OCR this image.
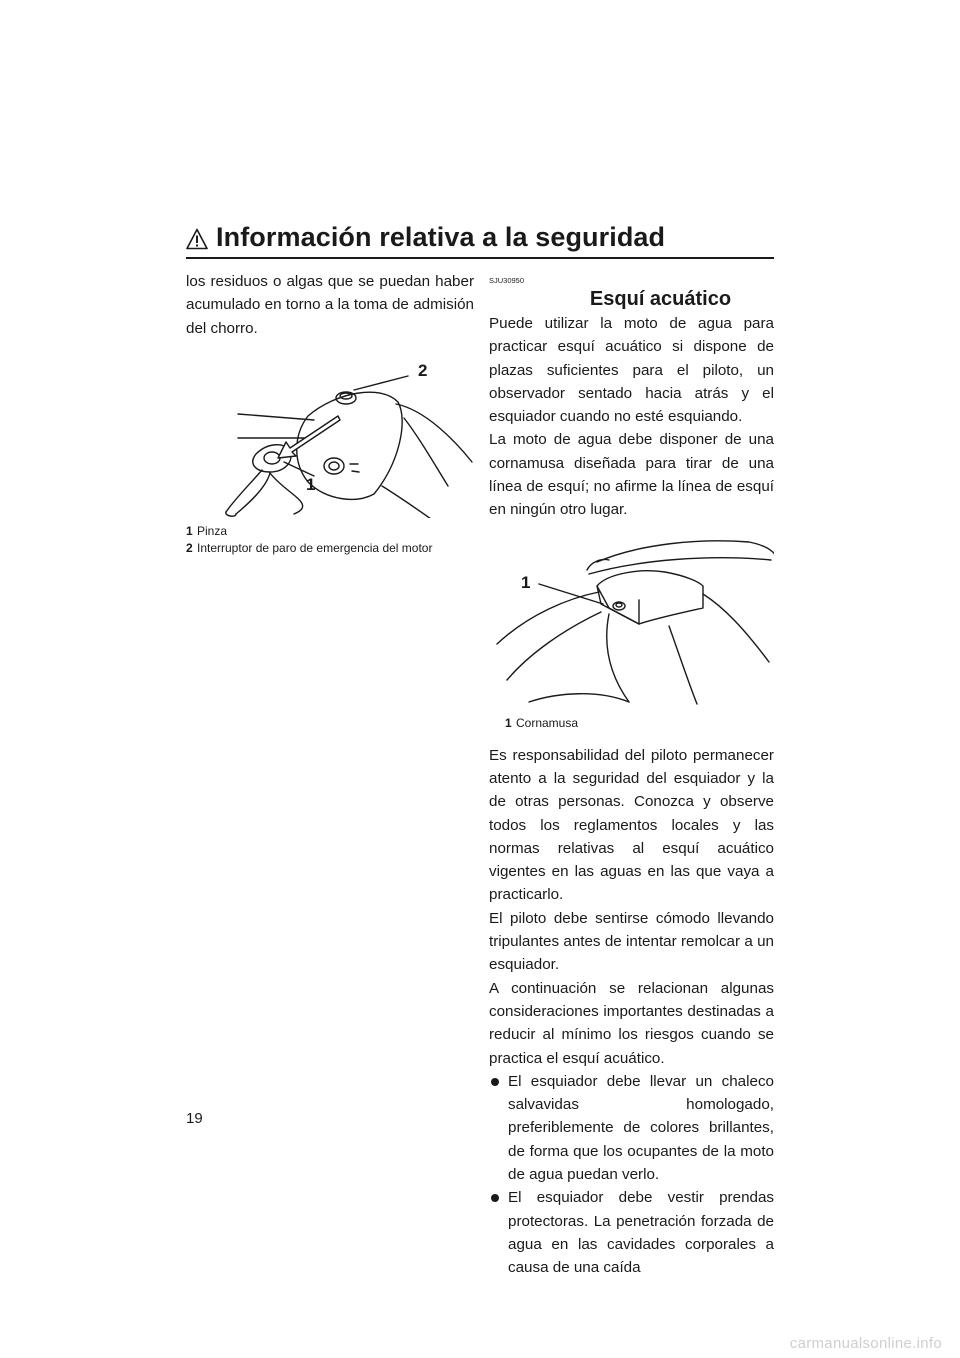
Información relativa a la seguridad

los residuos o algas que se puedan haber acumulado en torno a la toma de admisión del chorro.

2
1
1 Pinza
2 Interruptor de paro de emergencia del motor
SJU30950
Esquí acuático

Puede utilizar la moto de agua para practicar esquí acuático si dispone de plazas suficientes para el piloto, un observador sentado hacia atrás y el esquiador cuando no esté esquiando.

La moto de agua debe disponer de una cornamusa diseñada para tirar de una línea de esquí; no afirme la línea de esquí en ningún otro lugar.

1
1 Cornamusa

Es responsabilidad del piloto permanecer atento a la seguridad del esquiador y la de otras personas. Conozca y observe todos los reglamentos locales y las normas relativas al esquí acuático vigentes en las aguas en las que vaya a practicarlo.

El piloto debe sentirse cómodo llevando tripulantes antes de intentar remolcar a un esquiador.

A continuación se relacionan algunas consideraciones importantes destinadas a reducir al mínimo los riesgos cuando se practica el esquí acuático.

El esquiador debe llevar un chaleco salvavidas homologado, preferiblemente de colores brillantes, de forma que los ocupantes de la moto de agua puedan verlo.
El esquiador debe vestir prendas protectoras. La penetración forzada de agua en las cavidades corporales a causa de una caída
19
carmanualsonline.info
